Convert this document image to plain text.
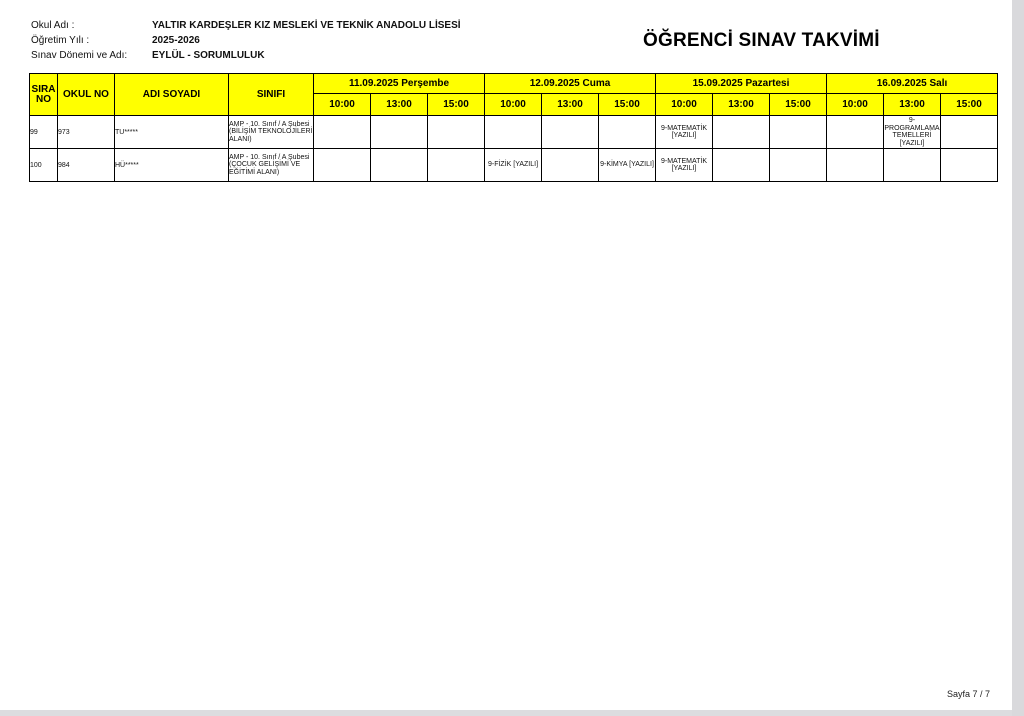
Okul Adı :	YALTIR KARDEŞLER KIZ MESLEKİ VE TEKNİK ANADOLU LİSESİ
Öğretim Yılı :	2025-2026
Sınav Dönemi ve Adı: EYLÜL - SORUMLULUK
ÖĞRENCİ SINAV TAKVİMİ
SIRA NO	OKUL NO	ADI SOYADI	SINIFI	11.09.2025 Perşembe			12.09.2025 Cuma			15.09.2025 Pazartesi			16.09.2025 Salı		
				10:00	13:00	15:00	10:00	13:00	15:00	10:00	13:00	15:00	10:00	13:00	15:00
99	973	TU*****	AMP - 10. Sınıf / A Şubesi (BİLİŞİM TEKNOLOJİLERİ ALANI)							9-MATEMATİK [YAZILI]				9-PROGRAMLAMA TEMELLERİ [YAZILI]	
100	984	HÜ*****	AMP - 10. Sınıf / A Şubesi (ÇOCUK GELİŞİMİ VE EĞİTİMİ ALANI)				9-FİZİK [YAZILI]		9-KİMYA [YAZILI]	9-MATEMATİK [YAZILI]					
Sayfa 7 / 7
